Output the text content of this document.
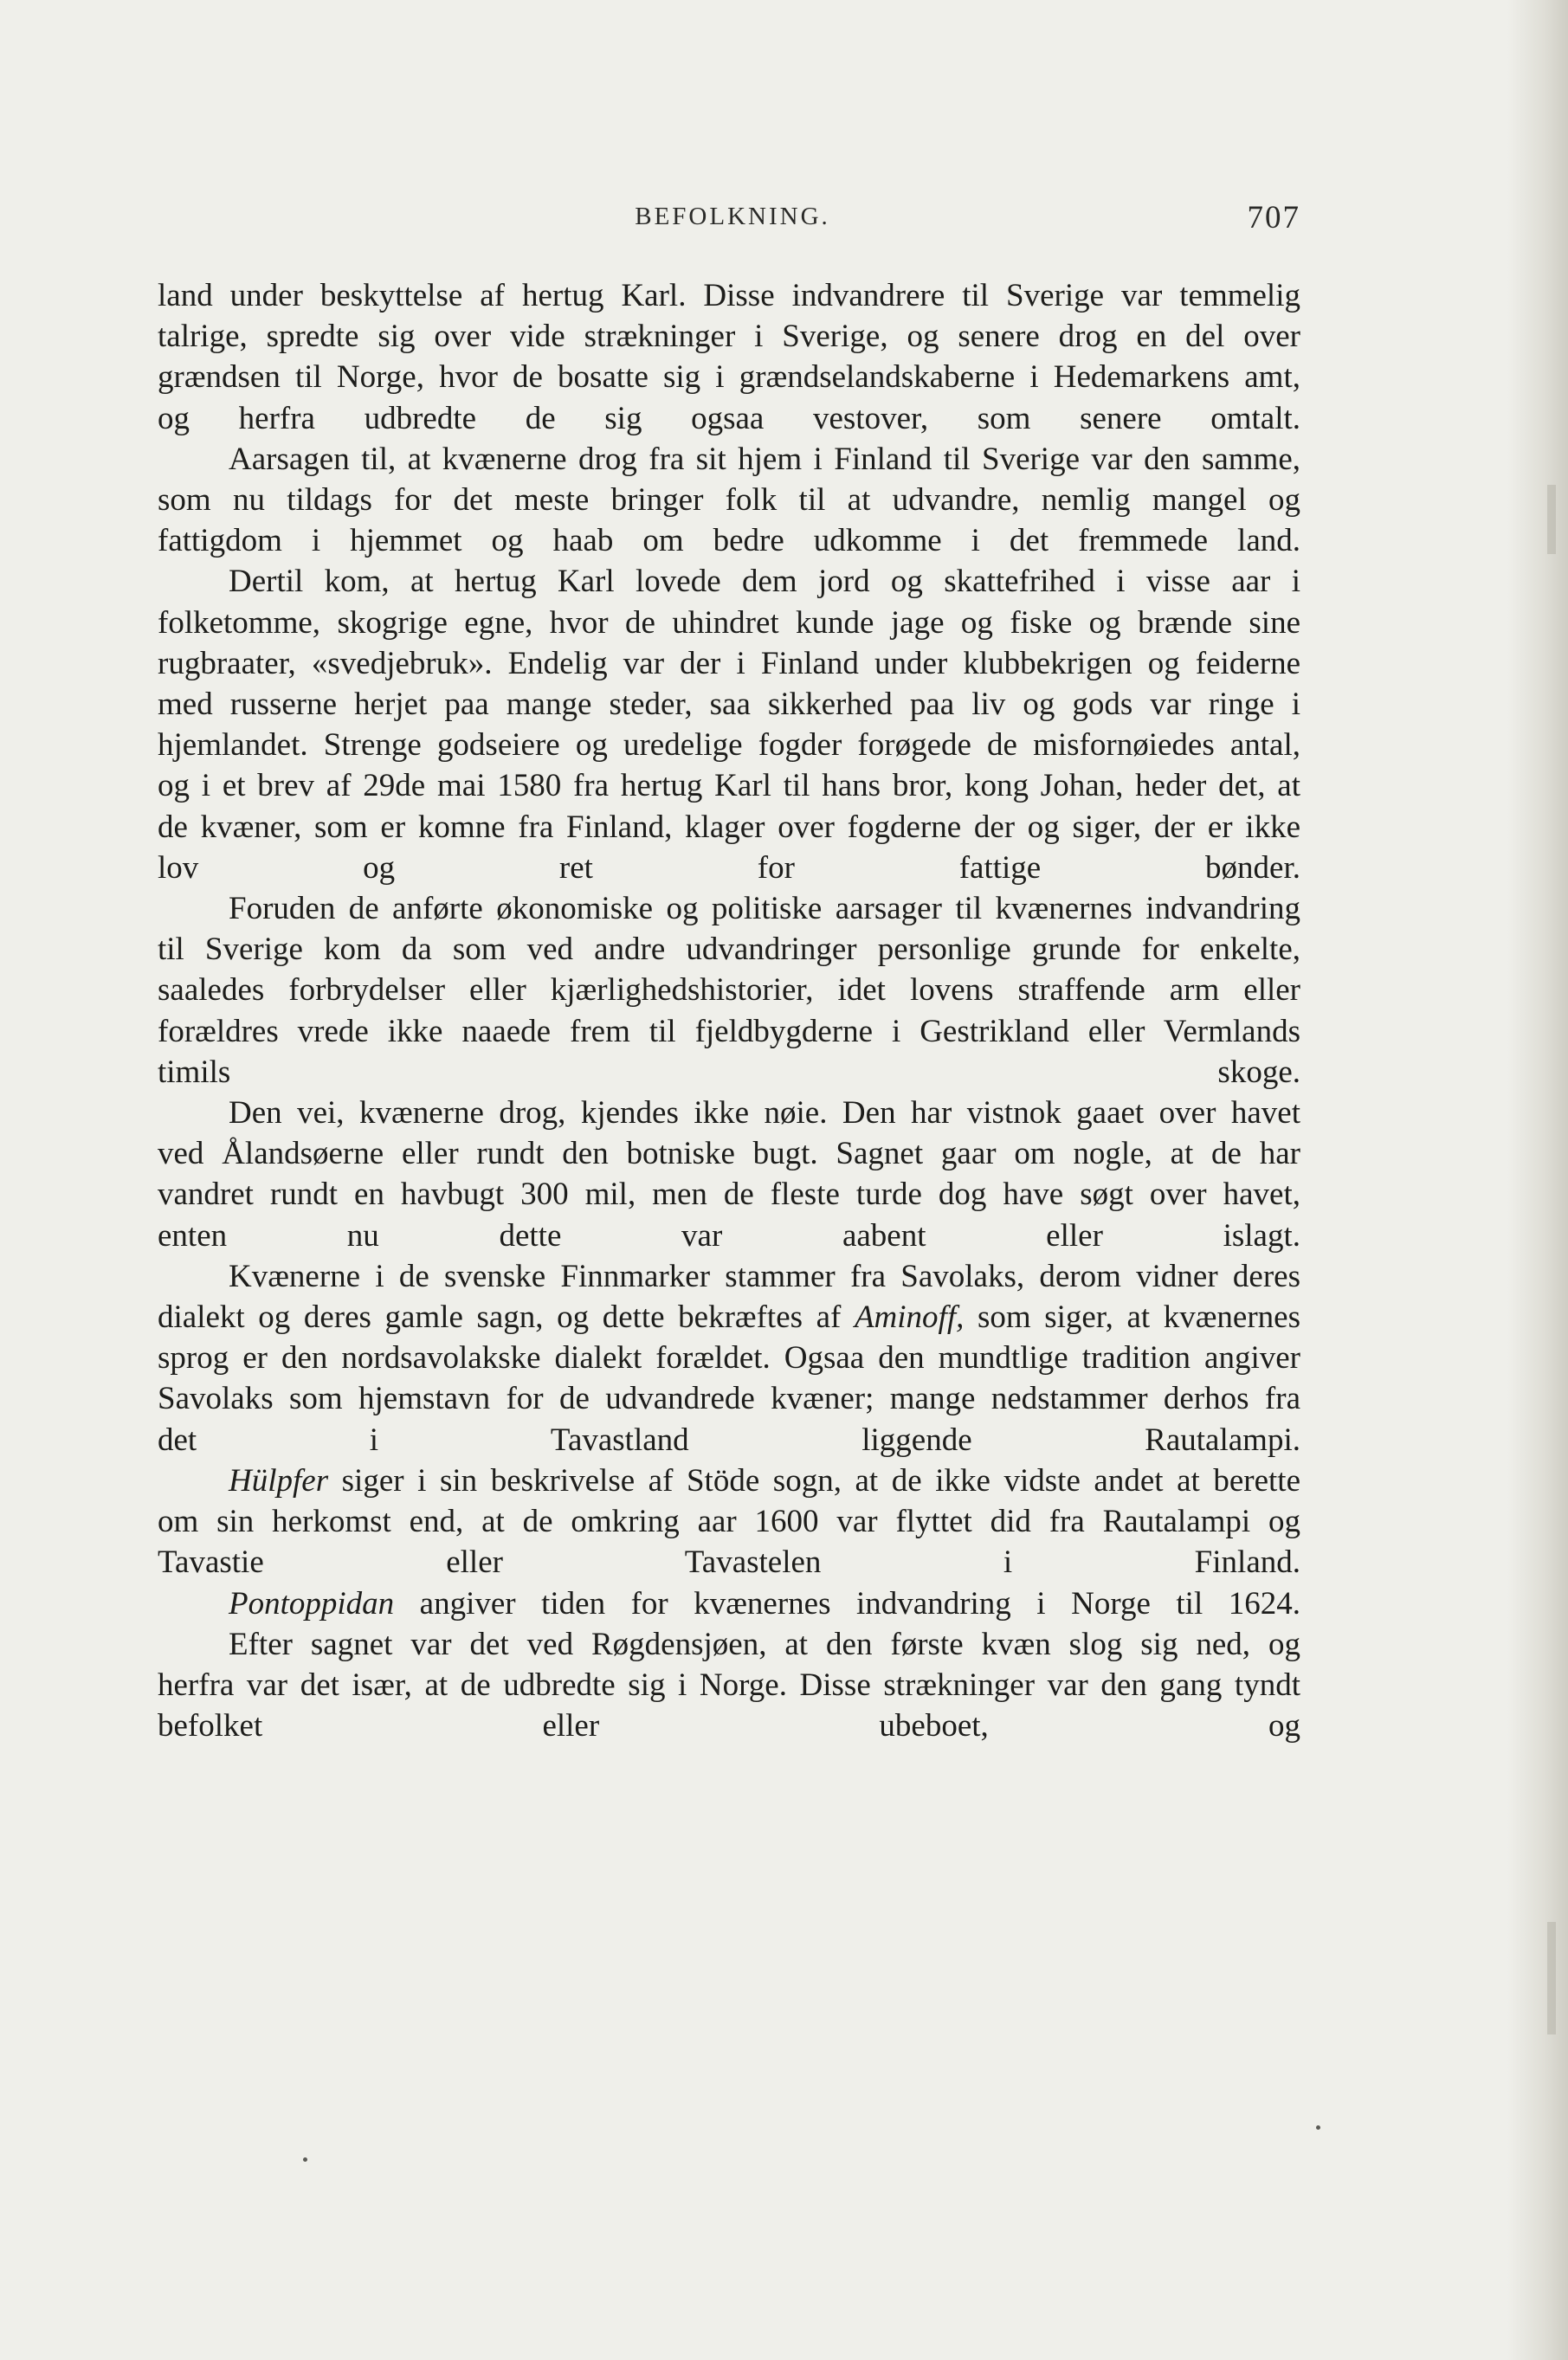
BEFOLKNING.	707

land under beskyttelse af hertug Karl. Disse indvandrere til Sverige var temmelig talrige, spredte sig over vide strækninger i Sverige, og senere drog en del over grændsen til Norge, hvor de bosatte sig i grændselandskaberne i Hedemarkens amt, og herfra udbredte de sig ogsaa vestover, som senere omtalt.

Aarsagen til, at kvænerne drog fra sit hjem i Finland til Sverige var den samme, som nu tildags for det meste bringer folk til at udvandre, nemlig mangel og fattigdom i hjemmet og haab om bedre udkomme i det fremmede land.

Dertil kom, at hertug Karl lovede dem jord og skattefrihed i visse aar i folketomme, skogrige egne, hvor de uhindret kunde jage og fiske og brænde sine rugbraater, «svedjebruk». Endelig var der i Finland under klubbekrigen og feiderne med russerne herjet paa mange steder, saa sikkerhed paa liv og gods var ringe i hjemlandet. Strenge godseiere og uredelige fogder forøgede de misfornøiedes antal, og i et brev af 29de mai 1580 fra hertug Karl til hans bror, kong Johan, heder det, at de kvæner, som er komne fra Finland, klager over fogderne der og siger, der er ikke lov og ret for fattige bønder.

Foruden de anførte økonomiske og politiske aarsager til kvænernes indvandring til Sverige kom da som ved andre udvandringer personlige grunde for enkelte, saaledes forbrydelser eller kjærlighedshistorier, idet lovens straffende arm eller forældres vrede ikke naaede frem til fjeldbygderne i Gestrikland eller Vermlands timils skoge.

Den vei, kvænerne drog, kjendes ikke nøie. Den har vistnok gaaet over havet ved Ålandsøerne eller rundt den botniske bugt. Sagnet gaar om nogle, at de har vandret rundt en havbugt 300 mil, men de fleste turde dog have søgt over havet, enten nu dette var aabent eller islagt.

Kvænerne i de svenske Finnmarker stammer fra Savolaks, derom vidner deres dialekt og deres gamle sagn, og dette bekræftes af Aminoff, som siger, at kvænernes sprog er den nordsavolakske dialekt forældet. Ogsaa den mundtlige tradition angiver Savolaks som hjemstavn for de udvandrede kvæner; mange nedstammer derhos fra det i Tavastland liggende Rautalampi.

Hülpfer siger i sin beskrivelse af Stöde sogn, at de ikke vidste andet at berette om sin herkomst end, at de omkring aar 1600 var flyttet did fra Rautalampi og Tavastie eller Tavastelen i Finland.

Pontoppidan angiver tiden for kvænernes indvandring i Norge til 1624.

Efter sagnet var det ved Røgdensjøen, at den første kvæn slog sig ned, og herfra var det især, at de udbredte sig i Norge. Disse strækninger var den gang tyndt befolket eller ubeboet, og
